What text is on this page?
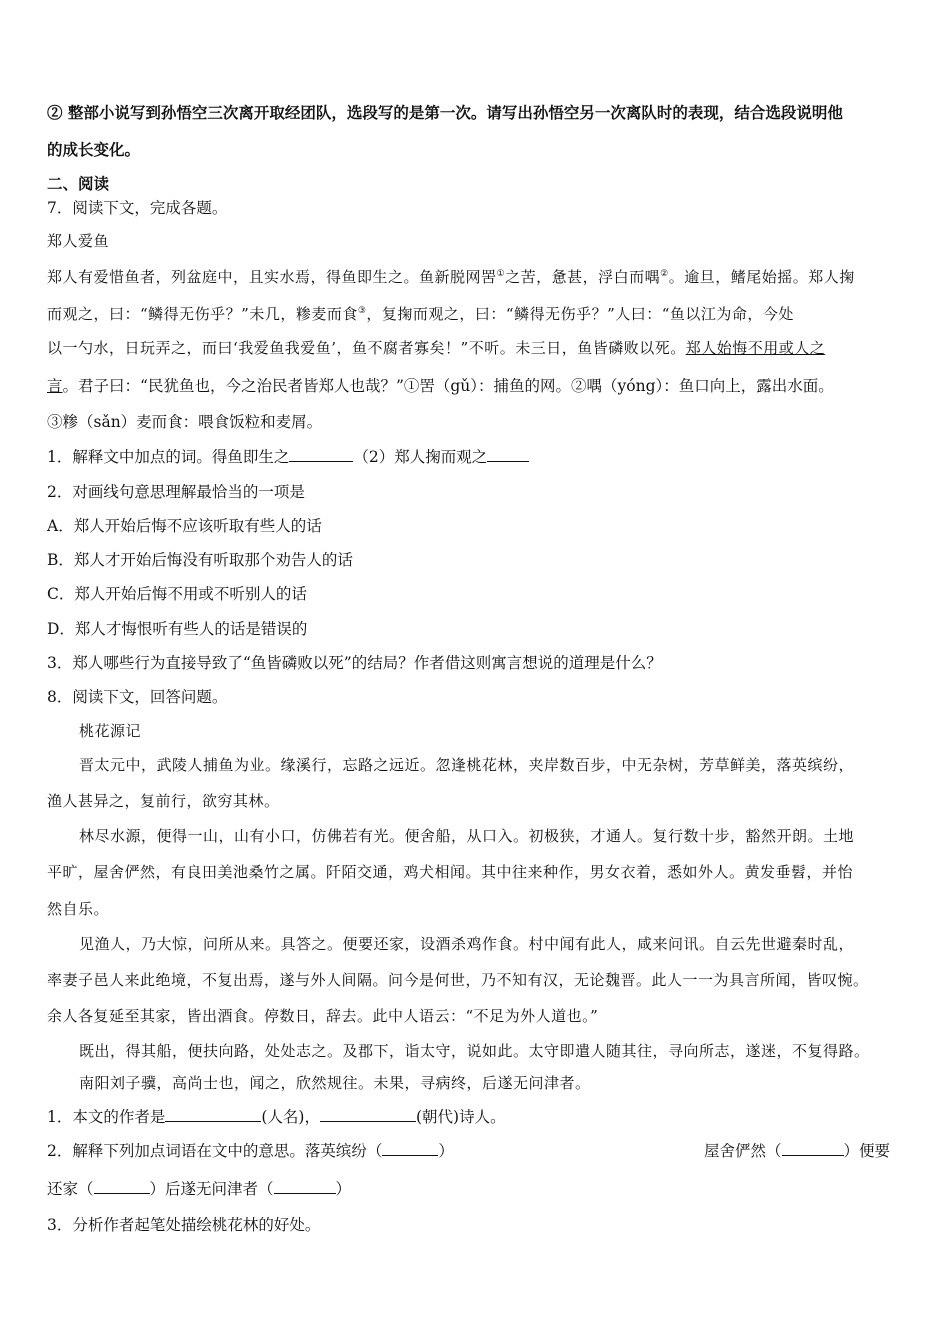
② 整部小说写到孙悟空三次离开取经团队，选段写的是第一次。请写出孙悟空另一次离队时的表现，结合选段说明他
的成长变化。
二、阅读
7．阅读下文，完成各题。
郑人爱鱼
郑人有爱惜鱼者，列盆庭中，且实水焉，得鱼即生之。鱼新脱网罟①之苦，惫甚，浮白而喁②。逾旦，鳍尾始摇。郑人掬
而观之，曰：“鳞得无伤乎？”未几，糁麦而食③，复掬而观之，曰：“鳞得无伤乎？”人曰：“鱼以江为命，今处
以一勺水，日玩弄之，而曰‘我爱鱼我爱鱼’，鱼不腐者寡矣！”不听。未三日，鱼皆磷败以死。郑人始悔不用或人之
言。君子曰：“民犹鱼也，今之治民者皆郑人也哉？”①罟（gǔ）：捕鱼的网。②喁（yóng）：鱼口向上，露出水面。
③糁（sǎn）麦而食：喂食饭粒和麦屑。
1．解释文中加点的词。得鱼即生之	（2）郑人掬而观之
2．对画线句意思理解最恰当的一项是
A．郑人开始后悔不应该听取有些人的话
B．郑人才开始后悔没有听取那个劝告人的话
C．郑人开始后悔不用或不听别人的话
D．郑人才悔恨听有些人的话是错误的
3．郑人哪些行为直接导致了“鱼皆磷败以死”的结局？作者借这则寓言想说的道理是什么？
8．阅读下文，回答问题。
桃花源记
晋太元中，武陵人捕鱼为业。缘溪行，忘路之远近。忽逢桃花林，夹岸数百步，中无杂树，芳草鲜美，落英缤纷，
渔人甚异之，复前行，欲穷其林。
林尽水源，便得一山，山有小口，仿佛若有光。便舍船，从口入。初极狭，才通人。复行数十步，豁然开朗。土地
平旷，屋舍俨然，有良田美池桑竹之属。阡陌交通，鸡犬相闻。其中往来种作，男女衣着，悉如外人。黄发垂髫，并怡
然自乐。
见渔人，乃大惊，问所从来。具答之。便要还家，设酒杀鸡作食。村中闻有此人，咸来问讯。自云先世避秦时乱，
率妻子邑人来此绝境，不复出焉，遂与外人间隔。问今是何世，乃不知有汉，无论魏晋。此人一一为具言所闻，皆叹惋。
余人各复延至其家，皆出酒食。停数日，辞去。此中人语云：“不足为外人道也。”
既出，得其船，便扶向路，处处志之。及郡下，诣太守，说如此。太守即遣人随其往，寻向所志，遂迷，不复得路。
南阳刘子骥，高尚士也，闻之，欣然规往。未果，寻病终，后遂无问津者。
1．本文的作者是	(人名)，	(朝代)诗人。
2．解释下列加点词语在文中的意思。落英缤纷（	）	屋舍俨然（	）便要
还家（	）后遂无问津者（	）
3．分析作者起笔处描绘桃花林的好处。
